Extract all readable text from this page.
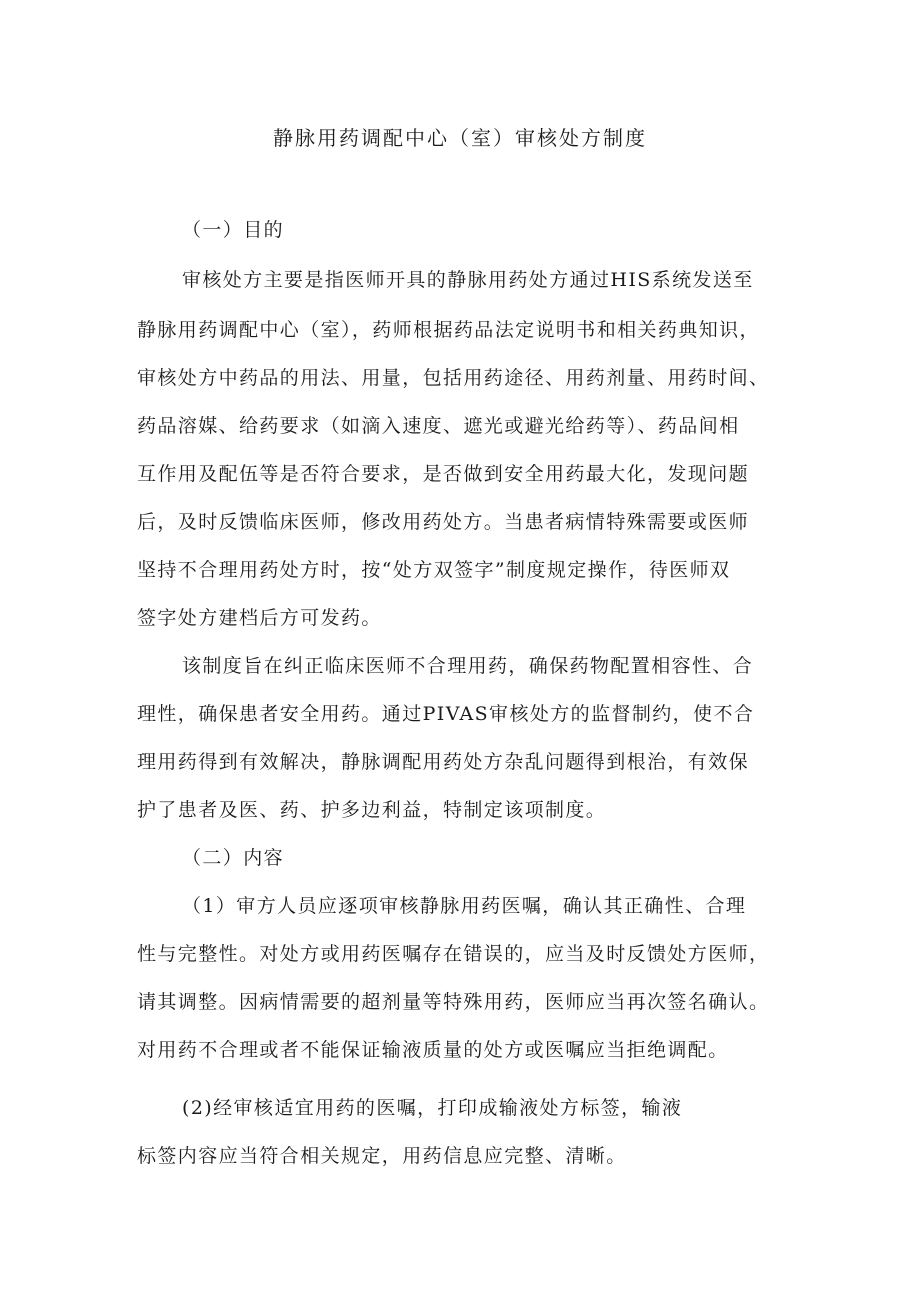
静脉用药调配中心（室）审核处方制度
（一）目的
审核处方主要是指医师开具的静脉用药处方通过HIS系统发送至
静脉用药调配中心（室），药师根据药品法定说明书和相关药典知识，
审核处方中药品的用法、用量，包括用药途径、用药剂量、用药时间、
药品溶媒、给药要求（如滴入速度、遮光或避光给药等）、药品间相
互作用及配伍等是否符合要求，是否做到安全用药最大化，发现问题
后，及时反馈临床医师，修改用药处方。当患者病情特殊需要或医师
坚持不合理用药处方时，按“处方双签字”制度规定操作，待医师双
签字处方建档后方可发药。
该制度旨在纠正临床医师不合理用药，确保药物配置相容性、合
理性，确保患者安全用药。通过PIVAS审核处方的监督制约，使不合
理用药得到有效解决，静脉调配用药处方杂乱问题得到根治，有效保
护了患者及医、药、护多边利益，特制定该项制度。
（二）内容
（1）审方人员应逐项审核静脉用药医嘱，确认其正确性、合理
性与完整性。对处方或用药医嘱存在错误的，应当及时反馈处方医师，
请其调整。因病情需要的超剂量等特殊用药，医师应当再次签名确认。
对用药不合理或者不能保证输液质量的处方或医嘱应当拒绝调配。
(2)经审核适宜用药的医嘱，打印成输液处方标签，输液
标签内容应当符合相关规定，用药信息应完整、清晰。
